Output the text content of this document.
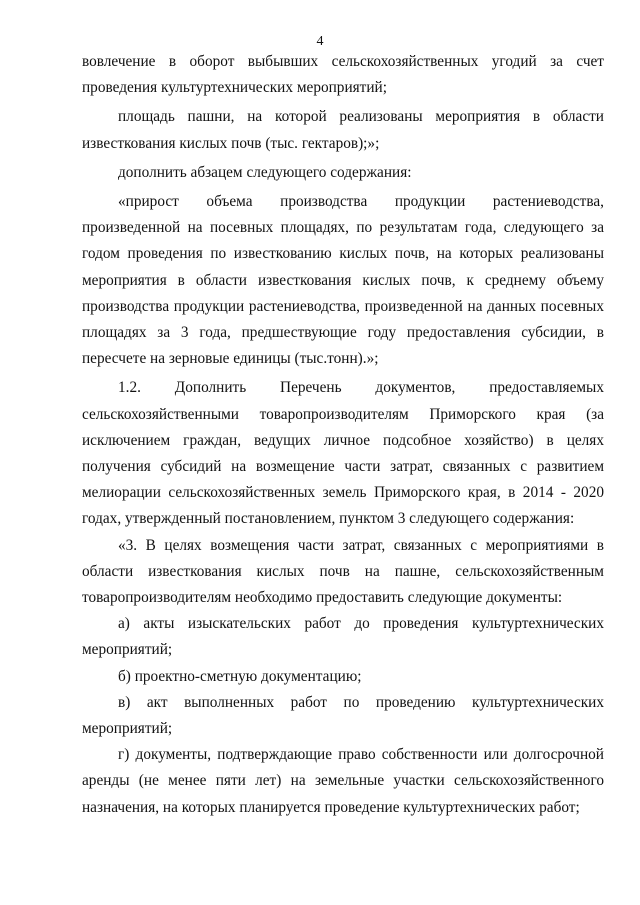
4

вовлечение в оборот выбывших сельскохозяйственных угодий за счет проведения культуртехнических мероприятий;

площадь пашни, на которой реализованы мероприятия в области известкования кислых почв (тыс. гектаров);»;

дополнить абзацем следующего содержания:

«прирост объема производства продукции растениеводства, произведенной на посевных площадях, по результатам года, следующего за годом проведения по известкованию кислых почв, на которых реализованы мероприятия в области известкования кислых почв, к среднему объему производства продукции растениеводства, произведенной на данных посевных площадях за 3 года, предшествующие году предоставления субсидии, в пересчете на зерновые единицы (тыс.тонн).»;

1.2. Дополнить Перечень документов, предоставляемых сельскохозяйственными товаропроизводителям Приморского края (за исключением граждан, ведущих личное подсобное хозяйство) в целях получения субсидий на возмещение части затрат, связанных с развитием мелиорации сельскохозяйственных земель Приморского края, в 2014 - 2020 годах, утвержденный постановлением, пунктом 3 следующего содержания:

«3. В целях возмещения части затрат, связанных с мероприятиями в области известкования кислых почв на пашне, сельскохозяйственным товаропроизводителям необходимо предоставить следующие документы:

а) акты изыскательских работ до проведения культуртехнических мероприятий;

б) проектно-сметную документацию;

в) акт выполненных работ по проведению культуртехнических мероприятий;

г) документы, подтверждающие право собственности или долгосрочной аренды (не менее пяти лет) на земельные участки сельскохозяйственного назначения, на которых планируется проведение культуртехнических работ;
